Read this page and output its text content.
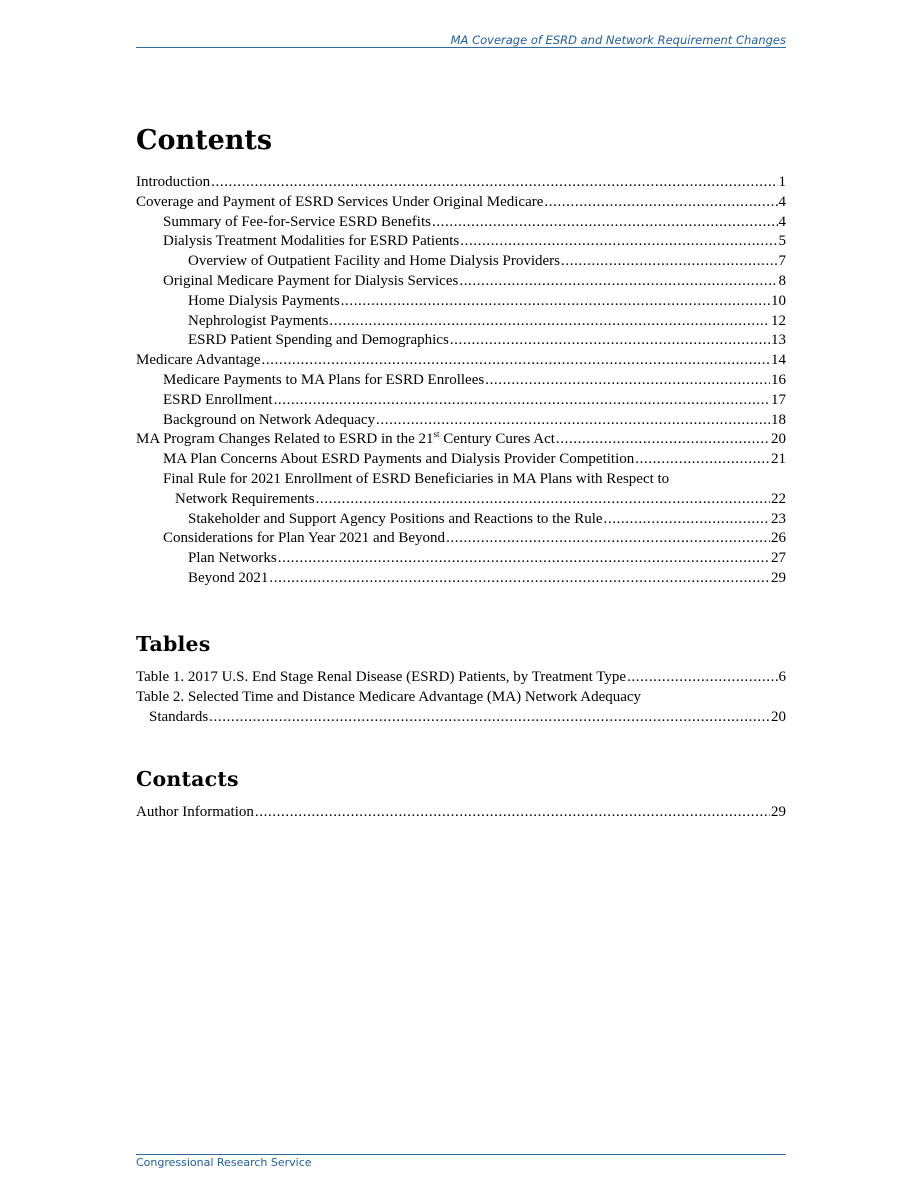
MA Coverage of ESRD and Network Requirement Changes
Contents
Introduction .....	1
Coverage and Payment of ESRD Services Under Original Medicare .....	4
Summary of Fee-for-Service ESRD Benefits .....	4
Dialysis Treatment Modalities for ESRD Patients .....	5
Overview of Outpatient Facility and Home Dialysis Providers .....	7
Original Medicare Payment for Dialysis Services .....	8
Home Dialysis Payments .....	10
Nephrologist Payments .....	12
ESRD Patient Spending and Demographics .....	13
Medicare Advantage .....	14
Medicare Payments to MA Plans for ESRD Enrollees .....	16
ESRD Enrollment .....	17
Background on Network Adequacy .....	18
MA Program Changes Related to ESRD in the 21st Century Cures Act .....	20
MA Plan Concerns About ESRD Payments and Dialysis Provider Competition .....	21
Final Rule for 2021 Enrollment of ESRD Beneficiaries in MA Plans with Respect to
Network Requirements .....	22
Stakeholder and Support Agency Positions and Reactions to the Rule .....	23
Considerations for Plan Year 2021 and Beyond .....	26
Plan Networks .....	27
Beyond 2021 .....	29
Tables
Table 1. 2017 U.S. End Stage Renal Disease (ESRD) Patients, by Treatment Type .....	6
Table 2. Selected Time and Distance Medicare Advantage (MA) Network Adequacy
Standards .....	20
Contacts
Author Information .....	29
Congressional Research Service
